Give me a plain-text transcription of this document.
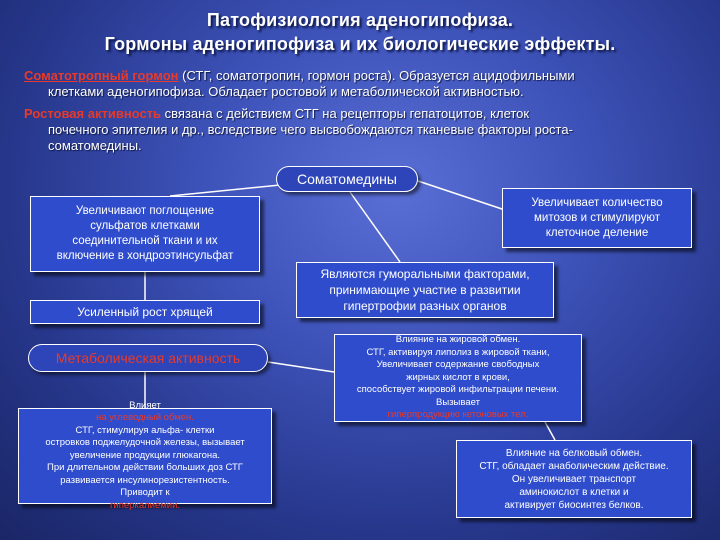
Патофизиология аденогипофиза.
Гормоны аденогипофиза и их биологические эффекты.
Соматотропный гормон (СТГ, соматотропин, гормон роста). Образуется ацидофильными
клетками аденогипофиза. Обладает ростовой и метаболической активностью.
Ростовая активность связана с действием СТГ на рецепторы гепатоцитов, клеток
почечного эпителия и др., вследствие чего высвобождаются тканевые факторы роста-
соматомедины.
Соматомедины
Увеличивают поглощение
сульфатов клетками
соединительной ткани и их
включение в хондроэтинсульфат
Увеличивает количество
митозов и стимулируют
клеточное деление
Усиленный рост хрящей
Являются гуморальными факторами,
принимающие участие в развитии
гипертрофии разных органов
Метаболическая активность
Влияние на жировой обмен.
СТГ, активируя липолиз в жировой ткани,
Увеличивает содержание свободных
жирных кислот в крови,
способствует жировой инфильтрации печени.
Вызывает
гиперпродукцию кетоновых тел.
Влияет
на углеводный обмен.
СТГ, стимулируя альфа- клетки
островков поджелудочной железы, вызывает
увеличение продукции глюкагона.
При длительном действии больших доз СТГ
развивается инсулинорезистентность.
Приводит к
гиперкалиемии.
Влияние на белковый обмен.
СТГ, обладает анаболическим действие.
Он увеличивает транспорт
аминокислот в клетки и
активирует биосинтез белков.
